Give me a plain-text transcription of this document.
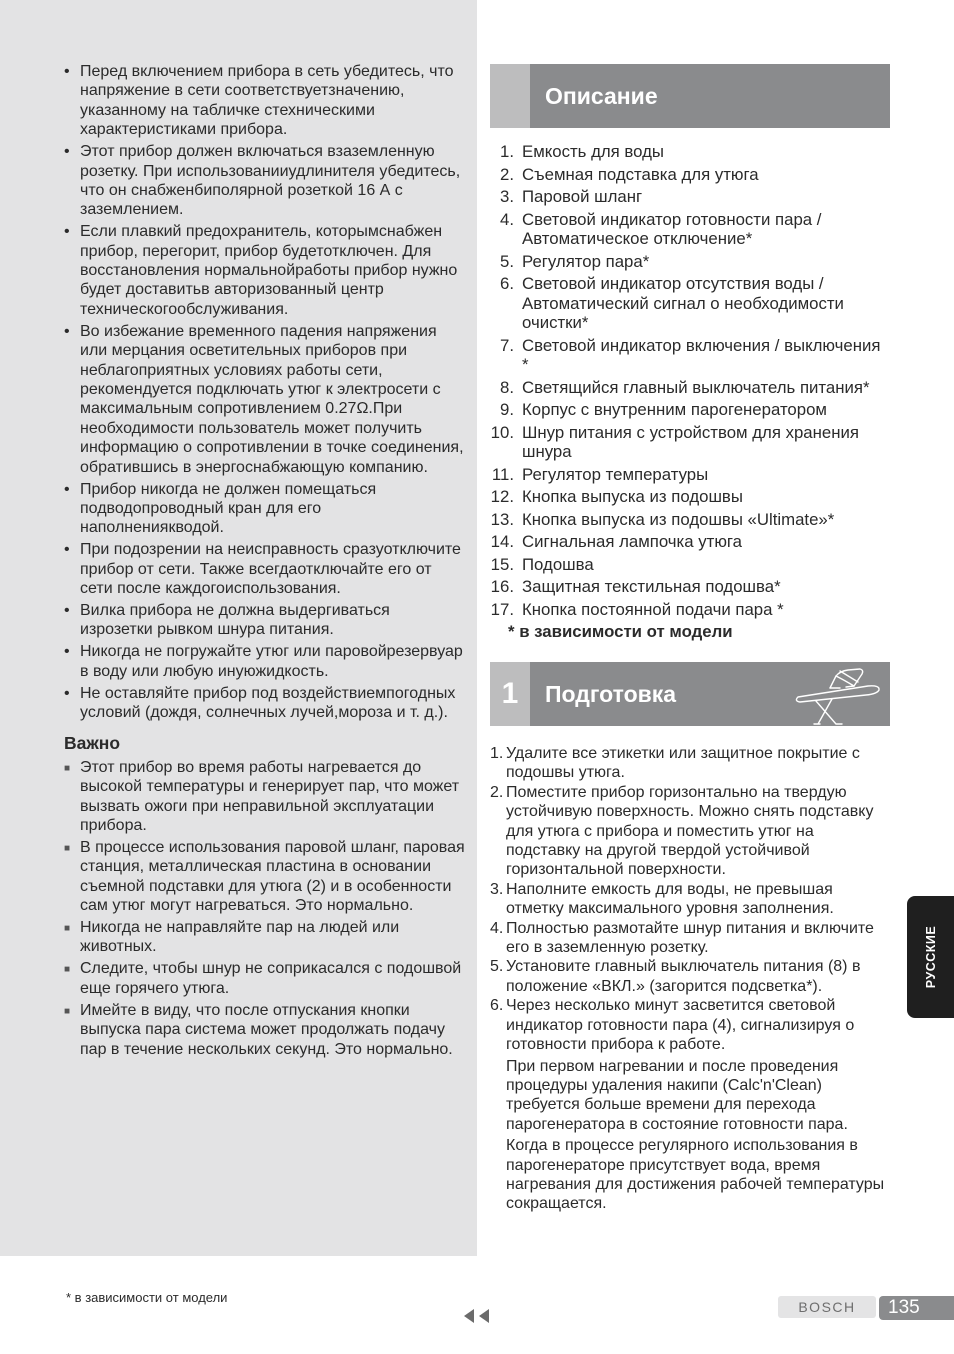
• Перед включением прибора в сеть убедитесь, что напряжение в сети соответствуетзначению, указанному на табличке стехническими характеристиками прибора.
• Этот прибор должен включаться взаземленную розетку. При использованииудлинителя убедитесь, что он снабженбиполярной розеткой 16 А с заземлением.
• Если плавкий предохранитель, которымснабжен прибор, перегорит, прибор будетотключен. Для восстановления нормальнойработы прибор нужно будет доставитьв авторизованный центр техническогообслуживания.
• Во избежание временного падения напряжения или мерцания осветительных приборов при неблагоприятных условиях работы сети, рекомендуется подключать утюг к электросети с максимальным сопротивлением 0.27Ω.При необходимости пользователь может получить информацию о сопротивлении в точке соединения, обратившись в энергоснабжающую компанию.
• Прибор никогда не должен помещаться подводопроводный кран для его наполнениякводой.
• При подозрении на неисправность сразуотключите прибор от сети. Также всегдаотключайте его от сети после каждогоиспользования.
• Вилка прибора не должна выдергиваться изрозетки рывком шнура питания.
• Никогда не погружайте утюг или паровойрезервуар в воду или любую инуюжидкость.
• Не оставляйте прибор под воздействиемпогодных условий (дождя, солнечных лучей,мороза и т. д.).
Важно
■ Этот прибор во время работы нагревается до высокой температуры и генерирует пар, что может вызвать ожоги при неправильной эксплуатации прибора.
■ В процессе использования паровой шланг, паровая станция, металлическая пластина в основании съемной подставки для утюга (2) и в особенности сам утюг могут нагреваться. Это нормально.
■ Никогда не направляйте пар на людей или животных.
■ Следите, чтобы шнур не соприкасался с подошвой еще горячего утюга.
■ Имейте в виду, что после отпускания кнопки выпуска пара система может продолжать подачу пар в течение нескольких секунд. Это нормально.
Описание
1. Емкость для воды
2. Съемная подставка для утюга
3. Паровой шланг
4. Световой индикатор готовности пара / Автоматическое отключение*
5. Регулятор пара*
6. Световой индикатор отсутствия воды / Автоматический сигнал о необходимости очистки*
7. Световой индикатор включения / выключения *
8. Светящийся главный выключатель питания*
9. Корпус с внутренним парогенератором
10. Шнур питания с устройством для хранения шнура
11. Регулятор температуры
12. Кнопка выпуска из подошвы
13. Кнопка выпуска из подошвы «Ultimate»*
14. Сигнальная лампочка утюга
15. Подошва
16. Защитная текстильная подошва*
17. Кнопка постоянной подачи пара *
* в зависимости от модели
1	Подготовка
1. Удалите все этикетки или защитное покрытие с подошвы утюга.

2. Поместите прибор горизонтально на твердую устойчивую поверхность. Можно снять подставку для утюга с прибора и поместить утюг на подставку на другой твердой устойчивой горизонтальной поверхности.

3. Наполните емкость для воды, не превышая отметку максимального уровня заполнения.

4. Полностью размотайте шнур питания и включите его в заземленную розетку.

5. Установите главный выключатель питания (8) в положение «ВКЛ.» (загорится подсветка*).

6. Через несколько минут засветится световой индикатор готовности пара (4), сигнализируя о готовности прибора к работе.

При первом нагревании и после проведения процедуры удаления накипи (Calc'n'Clean) требуется больше времени для перехода парогенератора в состояние готовности пара.

Когда в процессе регулярного использования в парогенераторе присутствует вода, время нагревания для достижения рабочей температуры сокращается.

РУССКИЕ
* в зависимости от модели
BOSCH	135
